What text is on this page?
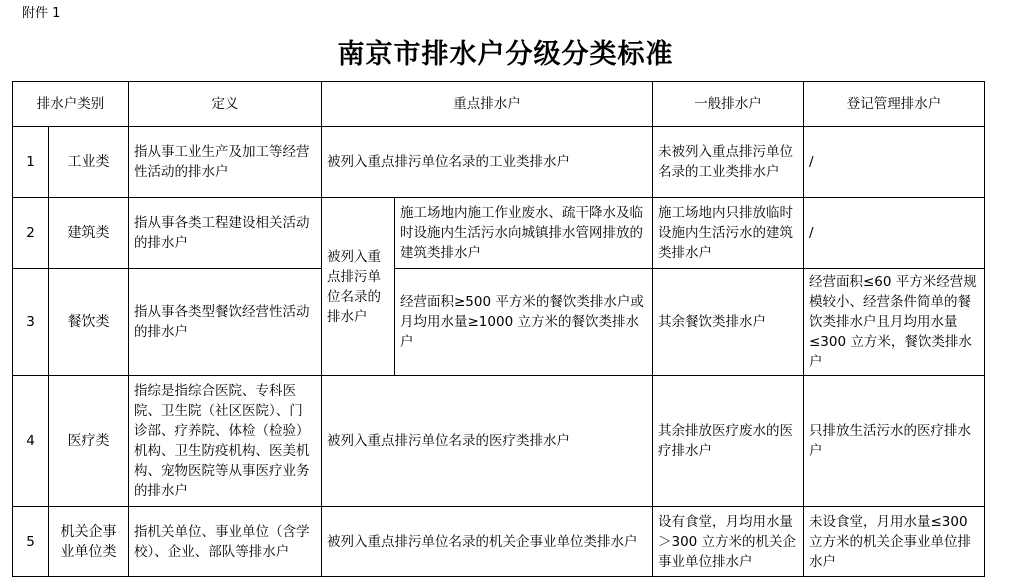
附件 1
南京市排水户分级分类标准
排水户类别		定义	重点排水户		一般排水户	登记管理排水户
1	工业类	指从事工业生产及加工等经营性活动的排水户	被列入重点排污单位名录的工业类排水户		未被列入重点排污单位名录的工业类排水户	/
2	建筑类	指从事各类工程建设相关活动的排水户	被列入重点排污单位名录的排水户	施工场地内施工作业废水、疏干降水及临时设施内生活污水向城镇排水管网排放的建筑类排水户	施工场地内只排放临时设施内生活污水的建筑类排水户	/
3	餐饮类	指从事各类型餐饮经营性活动的排水户		经营面积≥500 平方米的餐饮类排水户或月均用水量≥1000 立方米的餐饮类排水户	其余餐饮类排水户	经营面积≤60 平方米经营规模较小、经营条件简单的餐饮类排水户且月均用水量≤300 立方米，餐饮类排水户
4	医疗类	指综是指综合医院、专科医院、卫生院（社区医院）、门诊部、疗养院、体检（检验）机构、卫生防疫机构、医美机构、宠物医院等从事医疗业务的排水户	被列入重点排污单位名录的医疗类排水户		其余排放医疗废水的医疗排水户	只排放生活污水的医疗排水户
5	机关企事业单位类	指机关单位、事业单位（含学校）、企业、部队等排水户	被列入重点排污单位名录的机关企事业单位类排水户		设有食堂，月均用水量＞300 立方米的机关企事业单位排水户	未设食堂，月用水量≤300 立方米的机关企事业单位排水户
